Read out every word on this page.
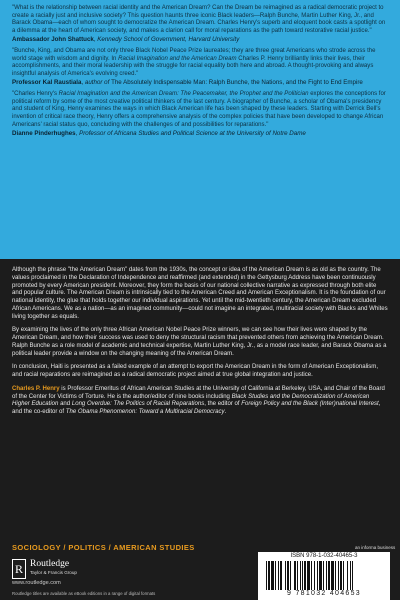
"What is the relationship between racial identity and the American Dream? Can the Dream be reimagined as a radical democratic project to create a racially just and inclusive society? This question haunts three iconic Black leaders—Ralph Bunche, Martin Luther King, Jr., and Barack Obama—each of whom sought to democratize the American Dream. Charles Henry's superb and eloquent book casts a spotlight on a dilemma at the heart of American society, and makes a clarion call for moral reparations as the path toward restorative racial justice."

Ambassador John Shattuck, Kennedy School of Government, Harvard University

"Bunche, King, and Obama are not only three Black Nobel Peace Prize laureates; they are three great Americans who strode across the world stage with wisdom and dignity. In Racial Imagination and the American Dream Charles P. Henry brilliantly links their lives, their accomplishments, and their moral leadership with the struggle for racial equality both here and abroad. A thought-provoking and always insightful analysis of America's evolving creed."

Professor Kal Raustiala, author of The Absolutely Indispensable Man: Ralph Bunche, the Nations, and the Fight to End Empire

"Charles Henry's Racial Imagination and the American Dream: The Peacemaker, the Prophet and the Politician explores the conceptions for political reform by some of the most creative political thinkers of the last century. A biographer of Bunche, a scholar of Obama's presidency and student of King, Henry examines the ways in which Black American life has been shaped by these leaders. Starting with Derrick Bell's invention of critical race theory, Henry offers a comprehensive analysis of the complex policies that have been developed to change African Americans' racial status quo, concluding with the challenges of and possibilities for reparations."

Dianne Pinderhughes, Professor of Africana Studies and Political Science at the University of Notre Dame

Although the phrase "the American Dream" dates from the 1930s, the concept or idea of the American Dream is as old as the country. The values proclaimed in the Declaration of Independence and reaffirmed (and extended) in the Gettysburg Address have been continuously promoted by every American president. Moreover, they form the basis of our national collective narrative as expressed through both elite and popular culture. The American Dream is intrinsically tied to the American Creed and American Exceptionalism. It is the foundation of our national identity, the glue that holds together our individual aspirations. Yet until the mid-twentieth century, the American Dream excluded African Americans. We as a nation—as an imagined community—could not imagine an integrated, multiracial society with Blacks and Whites living together as equals.

By examining the lives of the only three African American Nobel Peace Prize winners, we can see how their lives were shaped by the American Dream, and how their success was used to deny the structural racism that prevented others from achieving the American Dream. Ralph Bunche as a role model of academic and technical expertise, Martin Luther King, Jr., as a model race leader, and Barack Obama as a political leader provide a window on the changing meaning of the American Dream.

In conclusion, Haiti is presented as a failed example of an attempt to export the American Dream in the form of American Exceptionalism, and racial reparations are reimagined as a radical democratic project aimed at true global integration and justice.

Charles P. Henry is Professor Emeritus of African American Studies at the University of California at Berkeley, USA, and Chair of the Board of the Center for Victims of Torture. He is the author/editor of nine books including Black Studies and the Democratization of American Higher Education and Long Overdue: The Politics of Racial Reparations, the editor of Foreign Policy and the Black (Inter)national Interest, and the co-editor of The Obama Phenomenon: Toward a Multiracial Democracy.

SOCIOLOGY / POLITICS / AMERICAN STUDIES
R Routledge
Taylor & Francis Group
www.routledge.com
Routledge titles are available as eBook editions in a range of digital formats
an informa business
ISBN 978-1-032-40465-3
9 781032 404653
